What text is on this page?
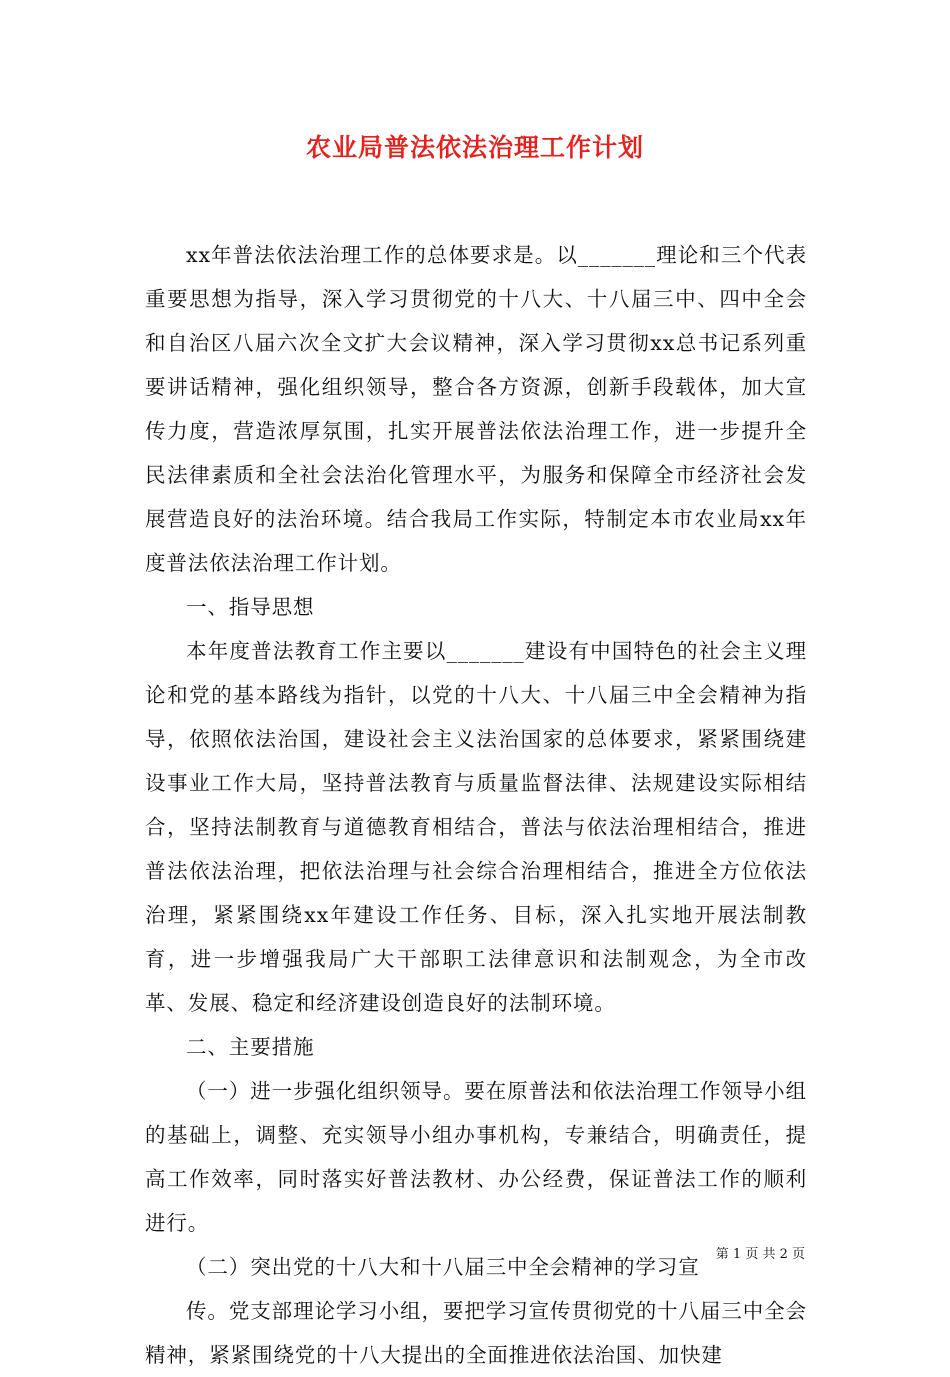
农业局普法依法治理工作计划

xx年普法依法治理工作的总体要求是。以_______理论和三个代表重要思想为指导，深入学习贯彻党的十八大、十八届三中、四中全会和自治区八届六次全文扩大会议精神，深入学习贯彻xx总书记系列重要讲话精神，强化组织领导，整合各方资源，创新手段载体，加大宣传力度，营造浓厚氛围，扎实开展普法依法治理工作，进一步提升全民法律素质和全社会法治化管理水平，为服务和保障全市经济社会发展营造良好的法治环境。结合我局工作实际，特制定本市农业局xx年度普法依法治理工作计划。

一、指导思想

本年度普法教育工作主要以_______建设有中国特色的社会主义理论和党的基本路线为指针，以党的十八大、十八届三中全会精神为指导，依照依法治国，建设社会主义法治国家的总体要求，紧紧围绕建设事业工作大局，坚持普法教育与质量监督法律、法规建设实际相结合，坚持法制教育与道德教育相结合，普法与依法治理相结合，推进普法依法治理，把依法治理与社会综合治理相结合，推进全方位依法治理，紧紧围绕xx年建设工作任务、目标，深入扎实地开展法制教育，进一步增强我局广大干部职工法律意识和法制观念，为全市改革、发展、稳定和经济建设创造良好的法制环境。

二、主要措施

（一）进一步强化组织领导。要在原普法和依法治理工作领导小组的基础上，调整、充实领导小组办事机构，专兼结合，明确责任，提高工作效率，同时落实好普法教材、办公经费，保证普法工作的顺利进行。

（二）突出党的十八大和十八届三中全会精神的学习宣

传。党支部理论学习小组，要把学习宣传贯彻党的十八届三中全会精神，紧紧围绕党的十八大提出的全面推进依法治国、加快建

第 1 页 共 2 页
